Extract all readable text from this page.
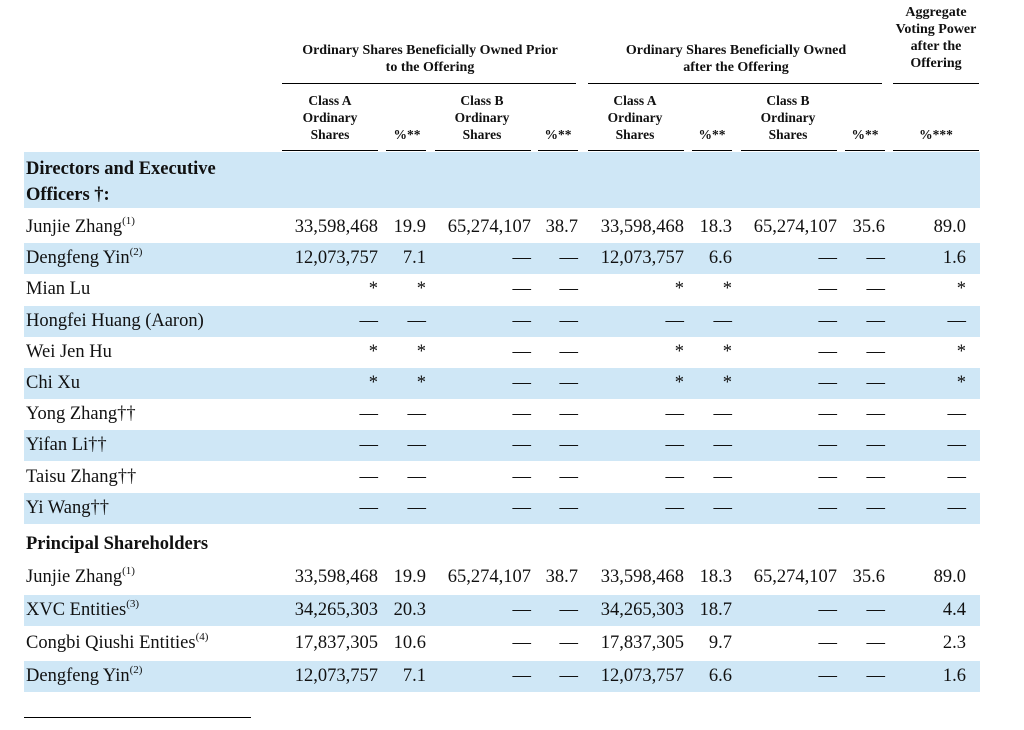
Ordinary Shares Beneficially Owned Prior to the Offering
Ordinary Shares Beneficially Owned after the Offering
Aggregate Voting Power after the Offering
Class A Ordinary Shares	%**
Class B Ordinary Shares	%**
Class A Ordinary Shares	%**
Class B Ordinary Shares	%**	%***
Directors and Executive Officers †:
Junjie Zhang$^{(1)}$	33,598,468 19.9	65,274,107 38.7	33,598,468 18.3	65,274,107 35.6	89.0
Dengfeng Yin$^{(2)}$	12,073,757	7.1	—	—	12,073,757	6.6	—	—	1.6
Mian Lu	*	*	—	—	*	*	—	—	*
Hongfei Huang (Aaron)	—	—	—	—	—	—	—	—	—
Wei Jen Hu	*	*	—	—	*	*	—	—	*
Chi Xu	*	*	—	—	*	*	—	—	*
Yong Zhang††	—	—	—	—	—	—	—	—	—
Yifan Li††	—	—	—	—	—	—	—	—	—
Taisu Zhang††	—	—	—	—	—	—	—	—	—
Yi Wang††	—	—	—	—	—	—	—	—	—
Principal Shareholders
Junjie Zhang$^{(1)}$	33,598,468 19.9	65,274,107 38.7	33,598,468 18.3	65,274,107 35.6	89.0
XVC Entities$^{(3)}$	34,265,303 20.3	—	—	34,265,303 18.7	—	—	4.4
Congbi Qiushi Entities$^{(4)}$	17,837,305 10.6	—	—	17,837,305	9.7	—	—	2.3
Dengfeng Yin$^{(2)}$	12,073,757	7.1	—	—	12,073,757	6.6	—	—	1.6
